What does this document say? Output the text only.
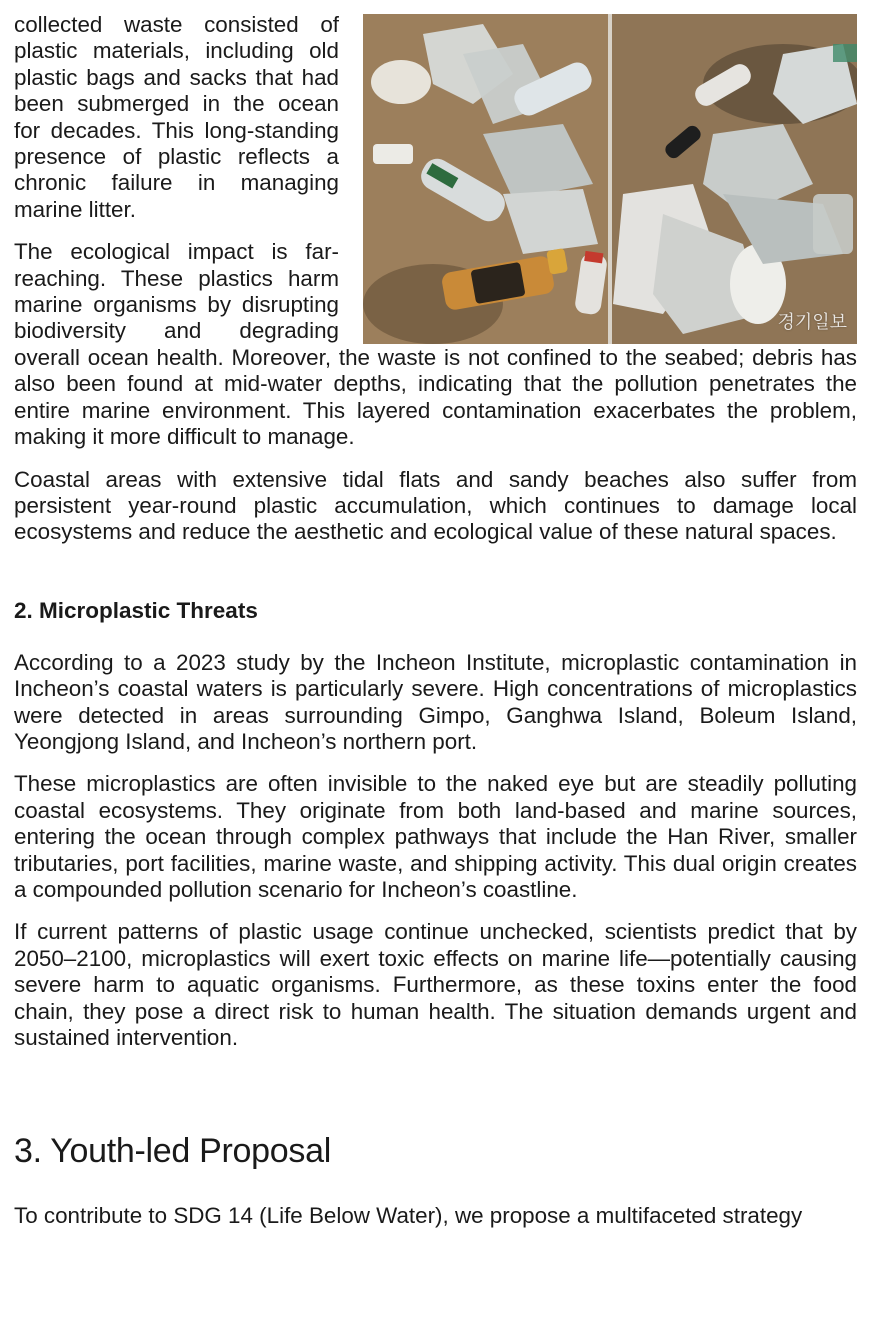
경기일보

collected waste consisted of plastic materials, including old plastic bags and sacks that had been submerged in the ocean for decades. This long-standing presence of plastic reflects a chronic failure in managing marine litter.

The ecological impact is far-reaching. These plastics harm marine organisms by disrupting biodiversity and degrading overall ocean health. Moreover, the waste is not confined to the seabed; debris has also been found at mid-water depths, indicating that the pollution penetrates the entire marine environment. This layered contamination exacerbates the problem, making it more difficult to manage.

Coastal areas with extensive tidal flats and sandy beaches also suffer from persistent year-round plastic accumulation, which continues to damage local ecosystems and reduce the aesthetic and ecological value of these natural spaces.

2. Microplastic Threats

According to a 2023 study by the Incheon Institute, microplastic contamination in Incheon’s coastal waters is particularly severe. High concentrations of microplastics were detected in areas surrounding Gimpo, Ganghwa Island, Boleum Island, Yeongjong Island, and Incheon’s northern port.

These microplastics are often invisible to the naked eye but are steadily polluting coastal ecosystems. They originate from both land-based and marine sources, entering the ocean through complex pathways that include the Han River, smaller tributaries, port facilities, marine waste, and shipping activity. This dual origin creates a compounded pollution scenario for Incheon’s coastline.

If current patterns of plastic usage continue unchecked, scientists predict that by 2050–2100, microplastics will exert toxic effects on marine life—potentially causing severe harm to aquatic organisms. Furthermore, as these toxins enter the food chain, they pose a direct risk to human health. The situation demands urgent and sustained intervention.

3. Youth-led Proposal

To contribute to SDG 14 (Life Below Water), we propose a multifaceted strategy
